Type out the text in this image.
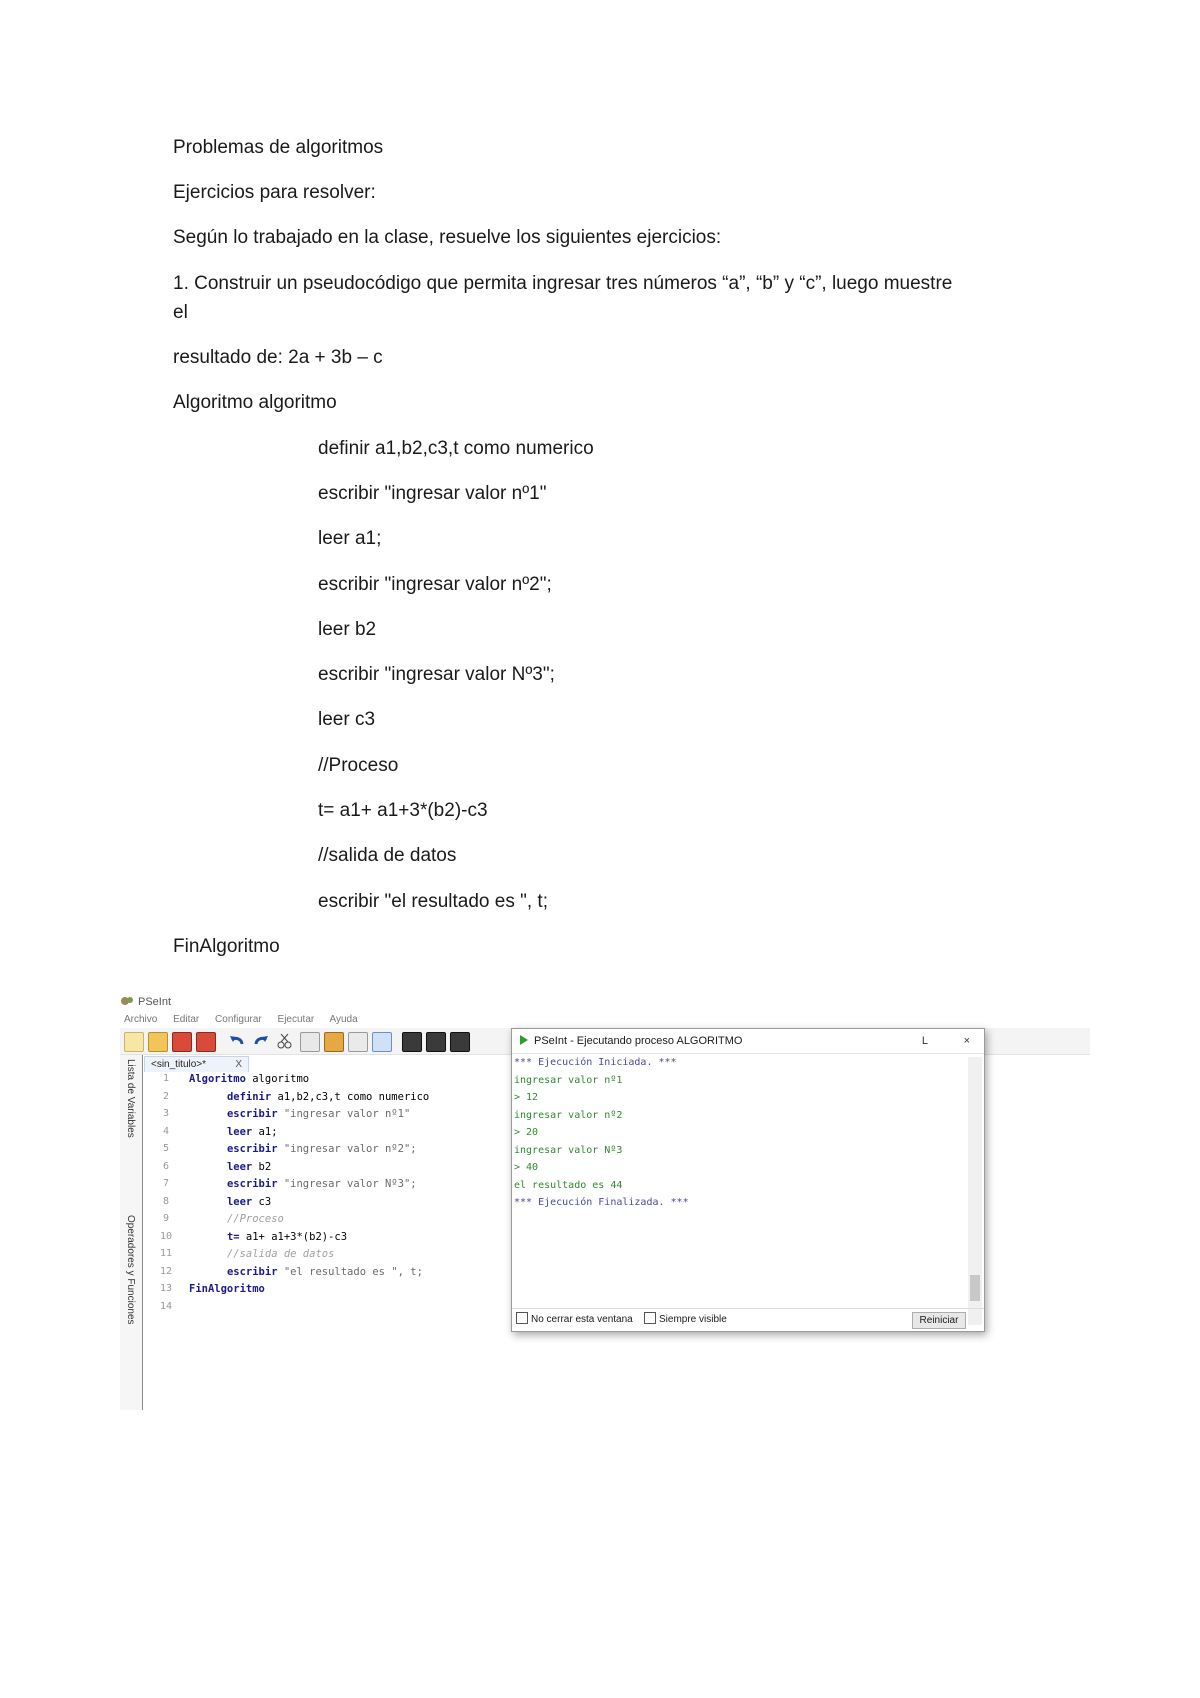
Problemas de algoritmos
Ejercicios para resolver:
Según lo trabajado en la clase, resuelve los siguientes ejercicios:
1. Construir un pseudocódigo que permita ingresar tres números “a”, “b” y “c”, luego muestre
el
resultado de: 2a + 3b – c
Algoritmo algoritmo
definir a1,b2,c3,t como numerico
escribir "ingresar valor nº1"
leer a1;
escribir "ingresar valor nº2";
leer b2
escribir "ingresar valor Nº3";
leer c3
//Proceso
t= a1+ a1+3*(b2)-c3
//salida de datos
escribir "el resultado es ", t;
FinAlgoritmo
PSeInt
Archivo Editar Configurar Ejecutar Ayuda
Lista de Variables
Operadores y Funciones
<sin_titulo>*	X
1
2
3
4
5
6
7
8
9
10
11
12
13
14
Algoritmo algoritmo
definir a1,b2,c3,t como numerico
escribir "ingresar valor nº1"
leer a1;
escribir "ingresar valor nº2";
leer b2
escribir "ingresar valor Nº3";
leer c3
//Proceso
t= a1+ a1+3*(b2)-c3
//salida de datos
escribir "el resultado es ", t;
FinAlgoritmo
PSeInt - Ejecutando proceso ALGORITMO	L	×
*** Ejecución Iniciada. ***
ingresar valor nº1
> 12
ingresar valor nº2
> 20
ingresar valor Nº3
> 40
el resultado es 44
*** Ejecución Finalizada. ***
No cerrar esta ventana	Siempre visible	Reiniciar
